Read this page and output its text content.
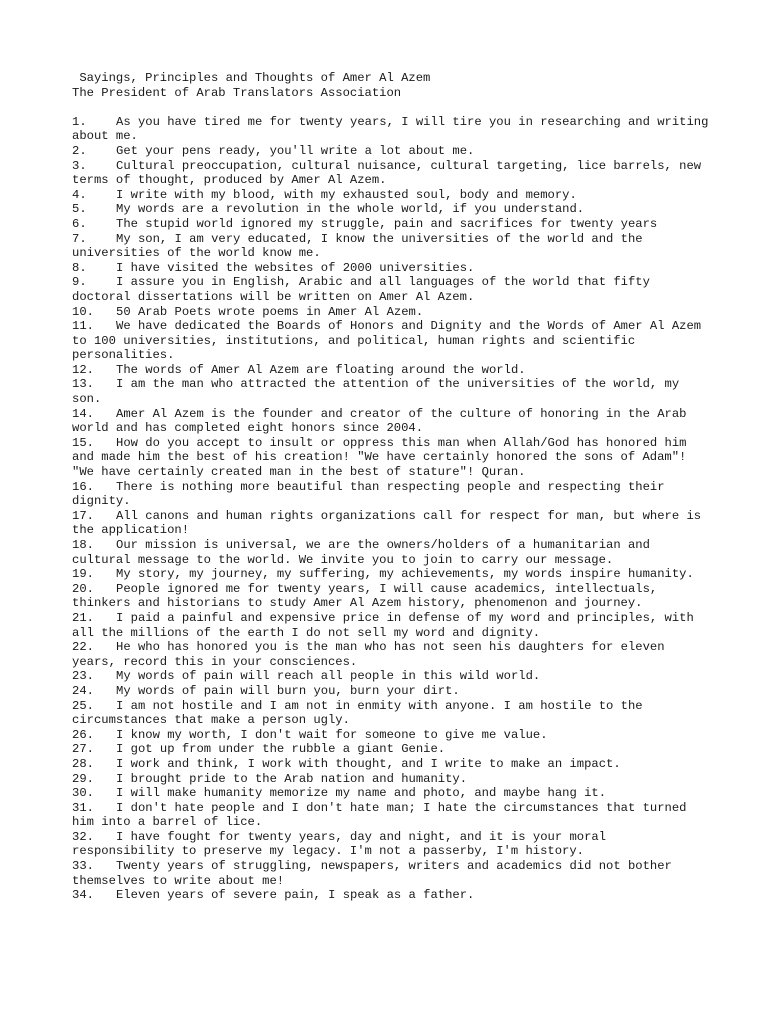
Sayings, Principles and Thoughts of Amer Al Azem
The President of Arab Translators Association
1. As you have tired me for twenty years, I will tire you in researching and writing about me.
2. Get your pens ready, you'll write a lot about me.
3. Cultural preoccupation, cultural nuisance, cultural targeting, lice barrels, new terms of thought, produced by Amer Al Azem.
4. I write with my blood, with my exhausted soul, body and memory.
5. My words are a revolution in the whole world, if you understand.
6. The stupid world ignored my struggle, pain and sacrifices for twenty years
7. My son, I am very educated, I know the universities of the world and the universities of the world know me.
8. I have visited the websites of 2000 universities.
9. I assure you in English, Arabic and all languages of the world that fifty doctoral dissertations will be written on Amer Al Azem.
10. 50 Arab Poets wrote poems in Amer Al Azem.
11. We have dedicated the Boards of Honors and Dignity and the Words of Amer Al Azem to 100 universities, institutions, and political, human rights and scientific personalities.
12. The words of Amer Al Azem are floating around the world.
13. I am the man who attracted the attention of the universities of the world, my son.
14. Amer Al Azem is the founder and creator of the culture of honoring in the Arab world and has completed eight honors since 2004.
15. How do you accept to insult or oppress this man when Allah/God has honored him and made him the best of his creation! "We have certainly honored the sons of Adam"! "We have certainly created man in the best of stature"! Quran.
16. There is nothing more beautiful than respecting people and respecting their dignity.
17. All canons and human rights organizations call for respect for man, but where is the application!
18. Our mission is universal, we are the owners/holders of a humanitarian and cultural message to the world. We invite you to join to carry our message.
19. My story, my journey, my suffering, my achievements, my words inspire humanity.
20. People ignored me for twenty years, I will cause academics, intellectuals, thinkers and historians to study Amer Al Azem history, phenomenon and journey.
21. I paid a painful and expensive price in defense of my word and principles, with all the millions of the earth I do not sell my word and dignity.
22. He who has honored you is the man who has not seen his daughters for eleven years, record this in your consciences.
23. My words of pain will reach all people in this wild world.
24. My words of pain will burn you, burn your dirt.
25. I am not hostile and I am not in enmity with anyone. I am hostile to the circumstances that make a person ugly.
26. I know my worth, I don't wait for someone to give me value.
27. I got up from under the rubble a giant Genie.
28. I work and think, I work with thought, and I write to make an impact.
29. I brought pride to the Arab nation and humanity.
30. I will make humanity memorize my name and photo, and maybe hang it.
31. I don't hate people and I don't hate man; I hate the circumstances that turned him into a barrel of lice.
32. I have fought for twenty years, day and night, and it is your moral responsibility to preserve my legacy. I'm not a passerby, I'm history.
33. Twenty years of struggling, newspapers, writers and academics did not bother themselves to write about me!
34. Eleven years of severe pain, I speak as a father.
